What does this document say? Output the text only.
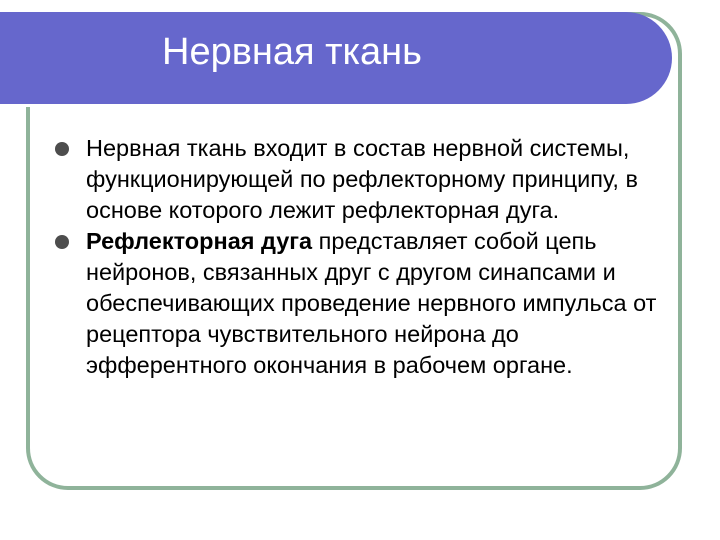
Нервная ткань
Нервная ткань входит в состав нервной системы, функционирующей по рефлекторному принципу, в основе которого лежит рефлекторная дуга.
Рефлекторная дуга представляет собой цепь нейронов, связанных друг с другом синапсами и обеспечивающих проведение нервного импульса от рецептора чувствительного нейрона до эфферентного окончания в рабочем органе.
